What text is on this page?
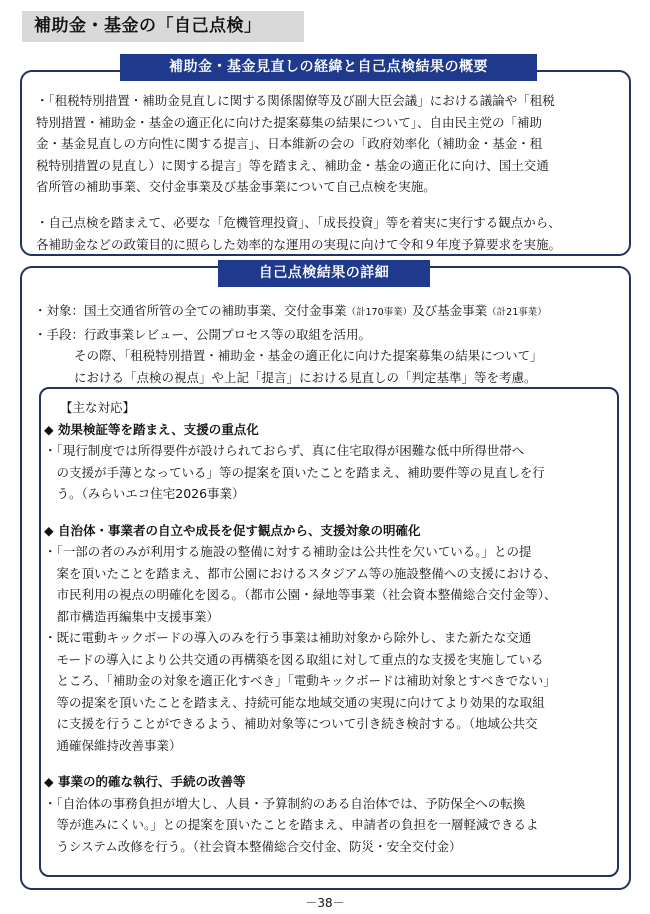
補助金・基金の「自己点検」
補助金・基金見直しの経緯と自己点検結果の概要
・「租税特別措置・補助金見直しに関する関係閣僚等及び副大臣会議」における議論や「租税
特別措置・補助金・基金の適正化に向けた提案募集の結果について」、自由民主党の「補助
金・基金見直しの方向性に関する提言」、日本維新の会の「政府効率化（補助金・基金・租
税特別措置の見直し）に関する提言」等を踏まえ、補助金・基金の適正化に向け、国土交通
省所管の補助事業、交付金事業及び基金事業について自己点検を実施。
・自己点検を踏まえて、必要な「危機管理投資」、「成長投資」等を着実に実行する観点から、
各補助金などの政策目的に照らした効率的な運用の実現に向けて令和９年度予算要求を実施。
自己点検結果の詳細
・対象：国土交通省所管の全ての補助事業、交付金事業（計170事業）及び基金事業（計21事業）
・手段：行政事業レビュー、公開プロセス等の取組を活用。
その際、「租税特別措置・補助金・基金の適正化に向けた提案募集の結果について」
における「点検の視点」や上記「提言」における見直しの「判定基準」等を考慮。
【主な対応】
◆ 効果検証等を踏まえ、支援の重点化
・「現行制度では所得要件が設けられておらず、真に住宅取得が困難な低中所得世帯へ
　の支援が手薄となっている」等の提案を頂いたことを踏まえ、補助要件等の見直しを行
　う。（みらいエコ住宅2026事業）
◆ 自治体・事業者の自立や成長を促す観点から、支援対象の明確化
・「一部の者のみが利用する施設の整備に対する補助金は公共性を欠いている。」との提
　案を頂いたことを踏まえ、都市公園におけるスタジアム等の施設整備への支援における、
　市民利用の視点の明確化を図る。（都市公園・緑地等事業（社会資本整備総合交付金等）、
　都市構造再編集中支援事業）
・既に電動キックボードの導入のみを行う事業は補助対象から除外し、また新たな交通
　モードの導入により公共交通の再構築を図る取組に対して重点的な支援を実施している
　ところ、「補助金の対象を適正化すべき」「電動キックボードは補助対象とすべきでない」
　等の提案を頂いたことを踏まえ、持続可能な地域交通の実現に向けてより効果的な取組
　に支援を行うことができるよう、補助対象等について引き続き検討する。（地域公共交
　通確保維持改善事業）
◆ 事業の的確な執行、手続の改善等
・「自治体の事務負担が増大し、人員・予算制約のある自治体では、予防保全への転換
　等が進みにくい。」との提案を頂いたことを踏まえ、申請者の負担を一層軽減できるよ
　うシステム改修を行う。（社会資本整備総合交付金、防災・安全交付金）
－38－
